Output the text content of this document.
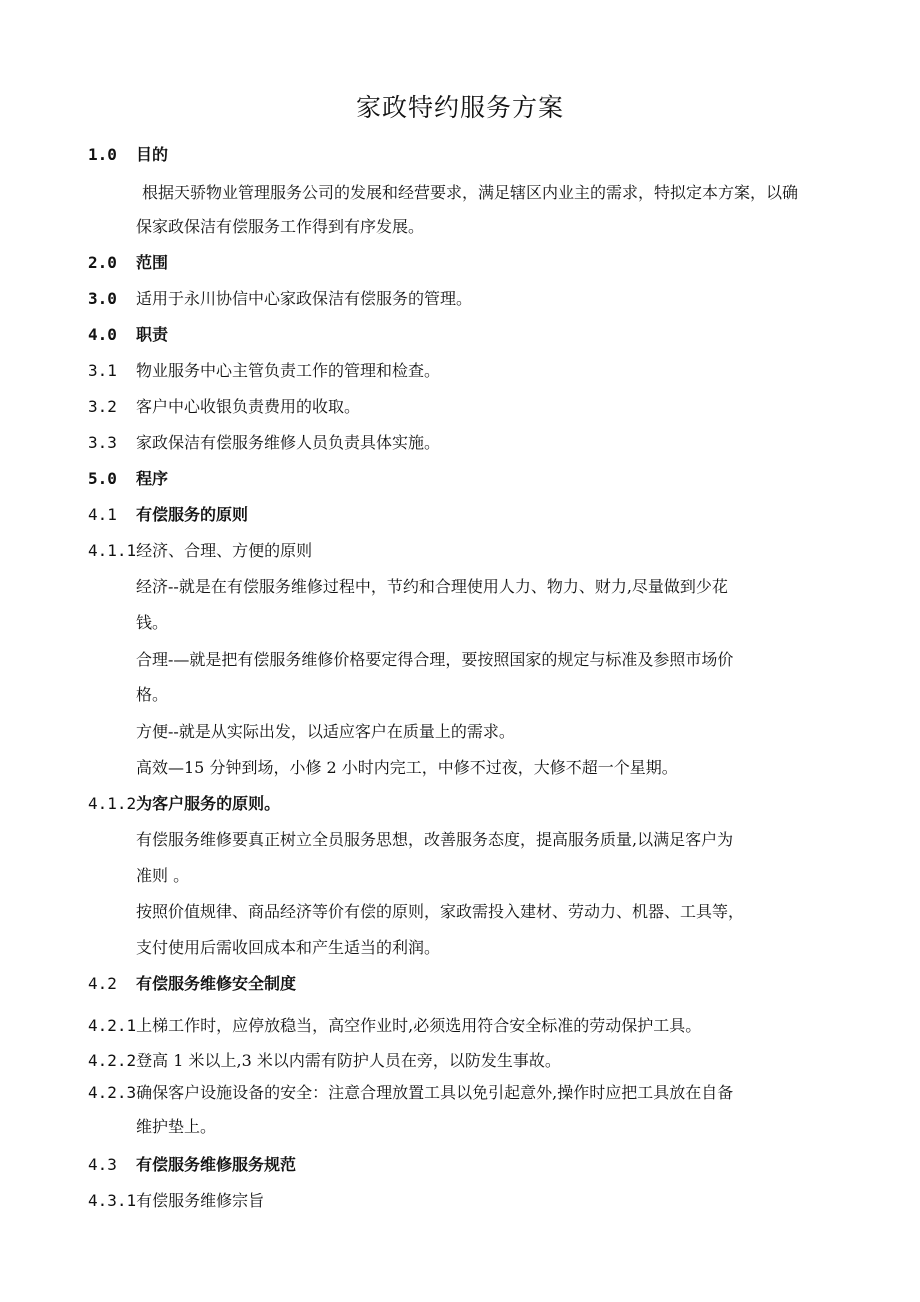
家政特约服务方案
1.0 目的
根据天骄物业管理服务公司的发展和经营要求，满足辖区内业主的需求，特拟定本方案，以确
保家政保洁有偿服务工作得到有序发展。
2.0 范围
3.0 适用于永川协信中心家政保洁有偿服务的管理。
4.0 职责
3.1 物业服务中心主管负责工作的管理和检查。
3.2 客户中心收银负责费用的收取。
3.3 家政保洁有偿服务维修人员负责具体实施。
5.0 程序
4.1 有偿服务的原则
4.1.1经济、合理、方便的原则
经济--就是在有偿服务维修过程中，节约和合理使用人力、物力、财力,尽量做到少花
钱。
合理-—就是把有偿服务维修价格要定得合理，要按照国家的规定与标准及参照市场价
格。
方便--就是从实际出发，以适应客户在质量上的需求。
高效—15 分钟到场，小修 2 小时内完工，中修不过夜，大修不超一个星期。
4.1.2为客户服务的原则。
有偿服务维修要真正树立全员服务思想，改善服务态度，提高服务质量,以满足客户为
准则 。
按照价值规律、商品经济等价有偿的原则，家政需投入建材、劳动力、机器、工具等，
支付使用后需收回成本和产生适当的利润。
4.2 有偿服务维修安全制度
4.2.1上梯工作时，应停放稳当，高空作业时,必须选用符合安全标准的劳动保护工具。
4.2.2登高 1 米以上,3 米以内需有防护人员在旁，以防发生事故。
4.2.3确保客户设施设备的安全：注意合理放置工具以免引起意外,操作时应把工具放在自备
维护垫上。
4.3 有偿服务维修服务规范
4.3.1有偿服务维修宗旨
